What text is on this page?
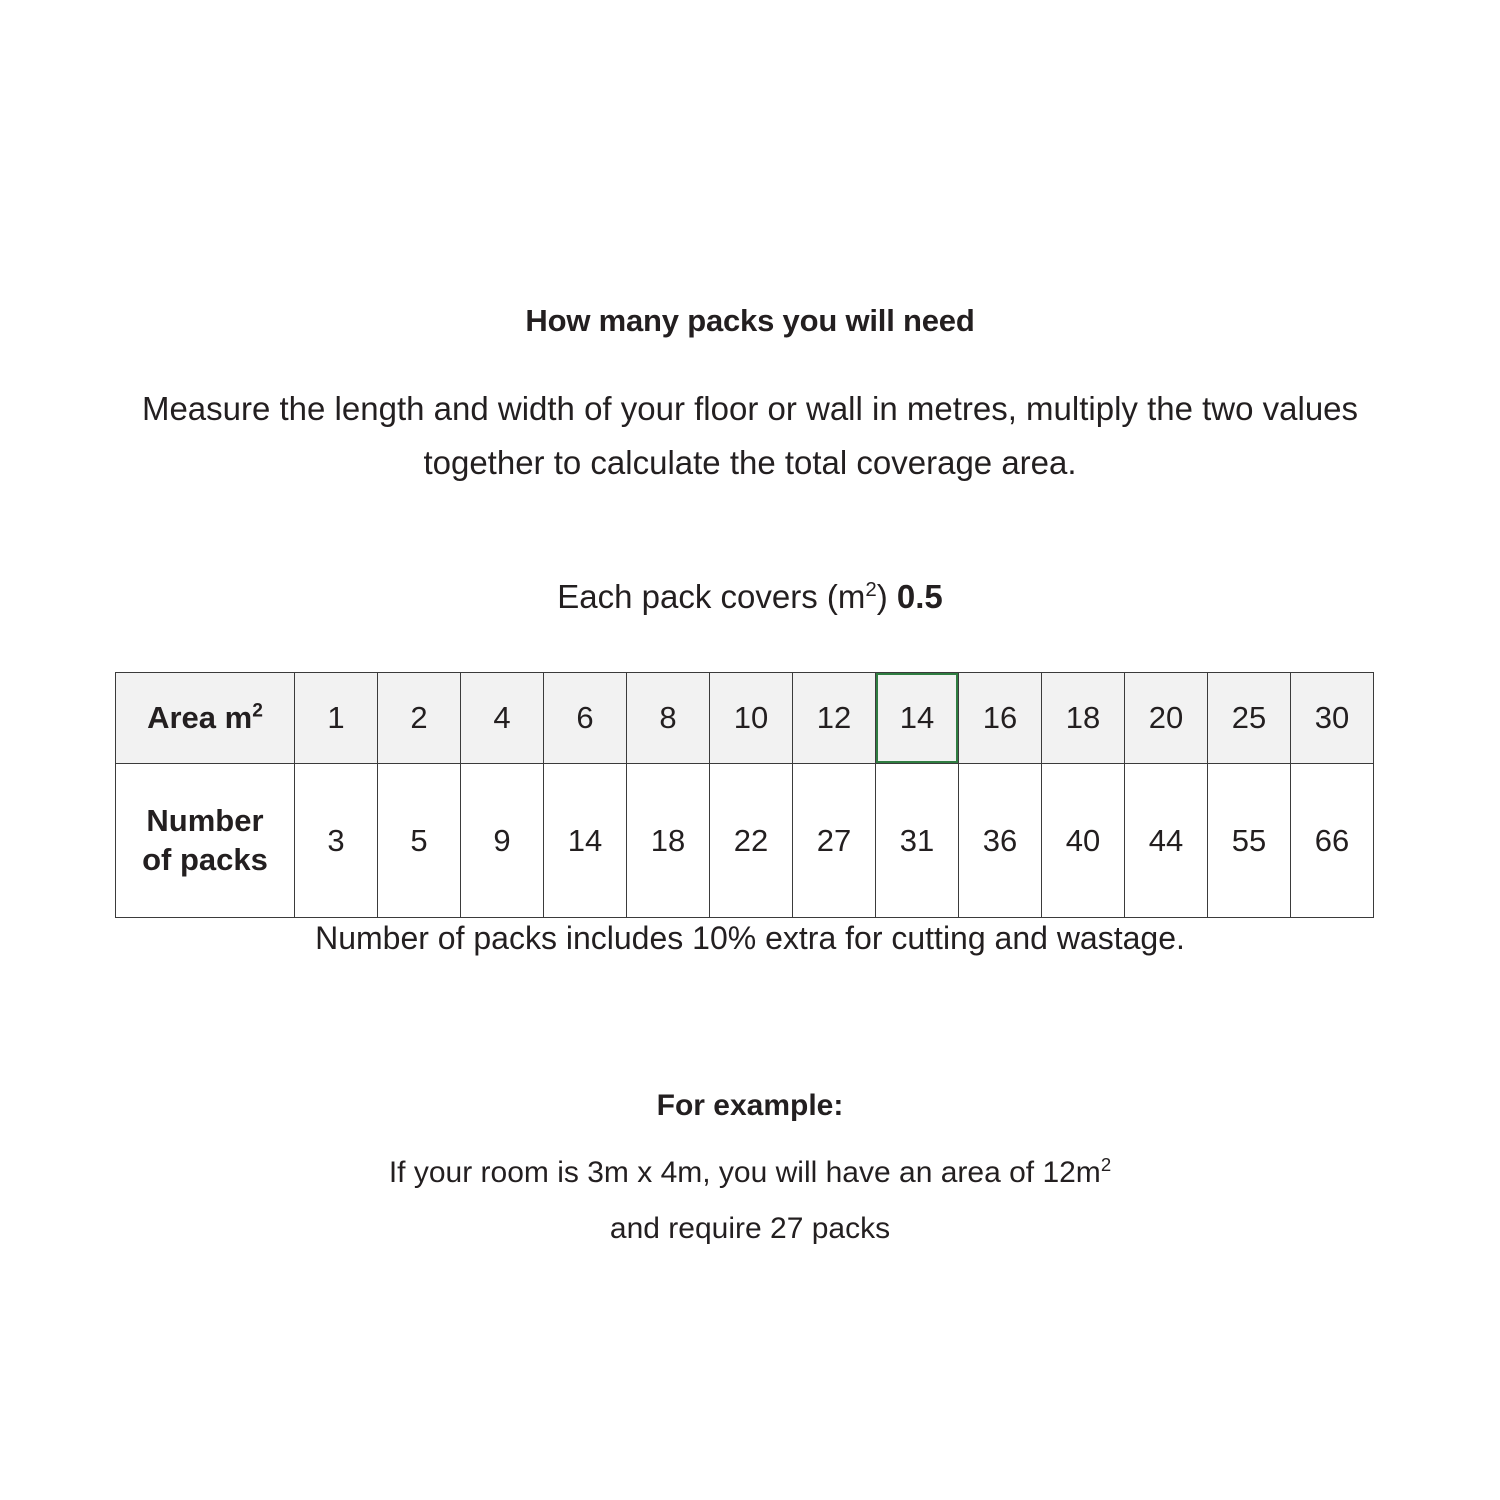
How many packs you will need
Measure the length and width of your floor or wall in metres, multiply the two values together to calculate the total coverage area.
Each pack covers $(m^2)$ 0.5
Area $m^2$	1	2	4	6	8	10	12	14	16	18	20	25	30

Number
of packs	3	5	9	14	18	22	27	31	36	40	44	55	66
Number of packs includes 10% extra for cutting and wastage.
For example:
If your room is 3m x 4m, you will have an area of $12m^2$
and require 27 packs
